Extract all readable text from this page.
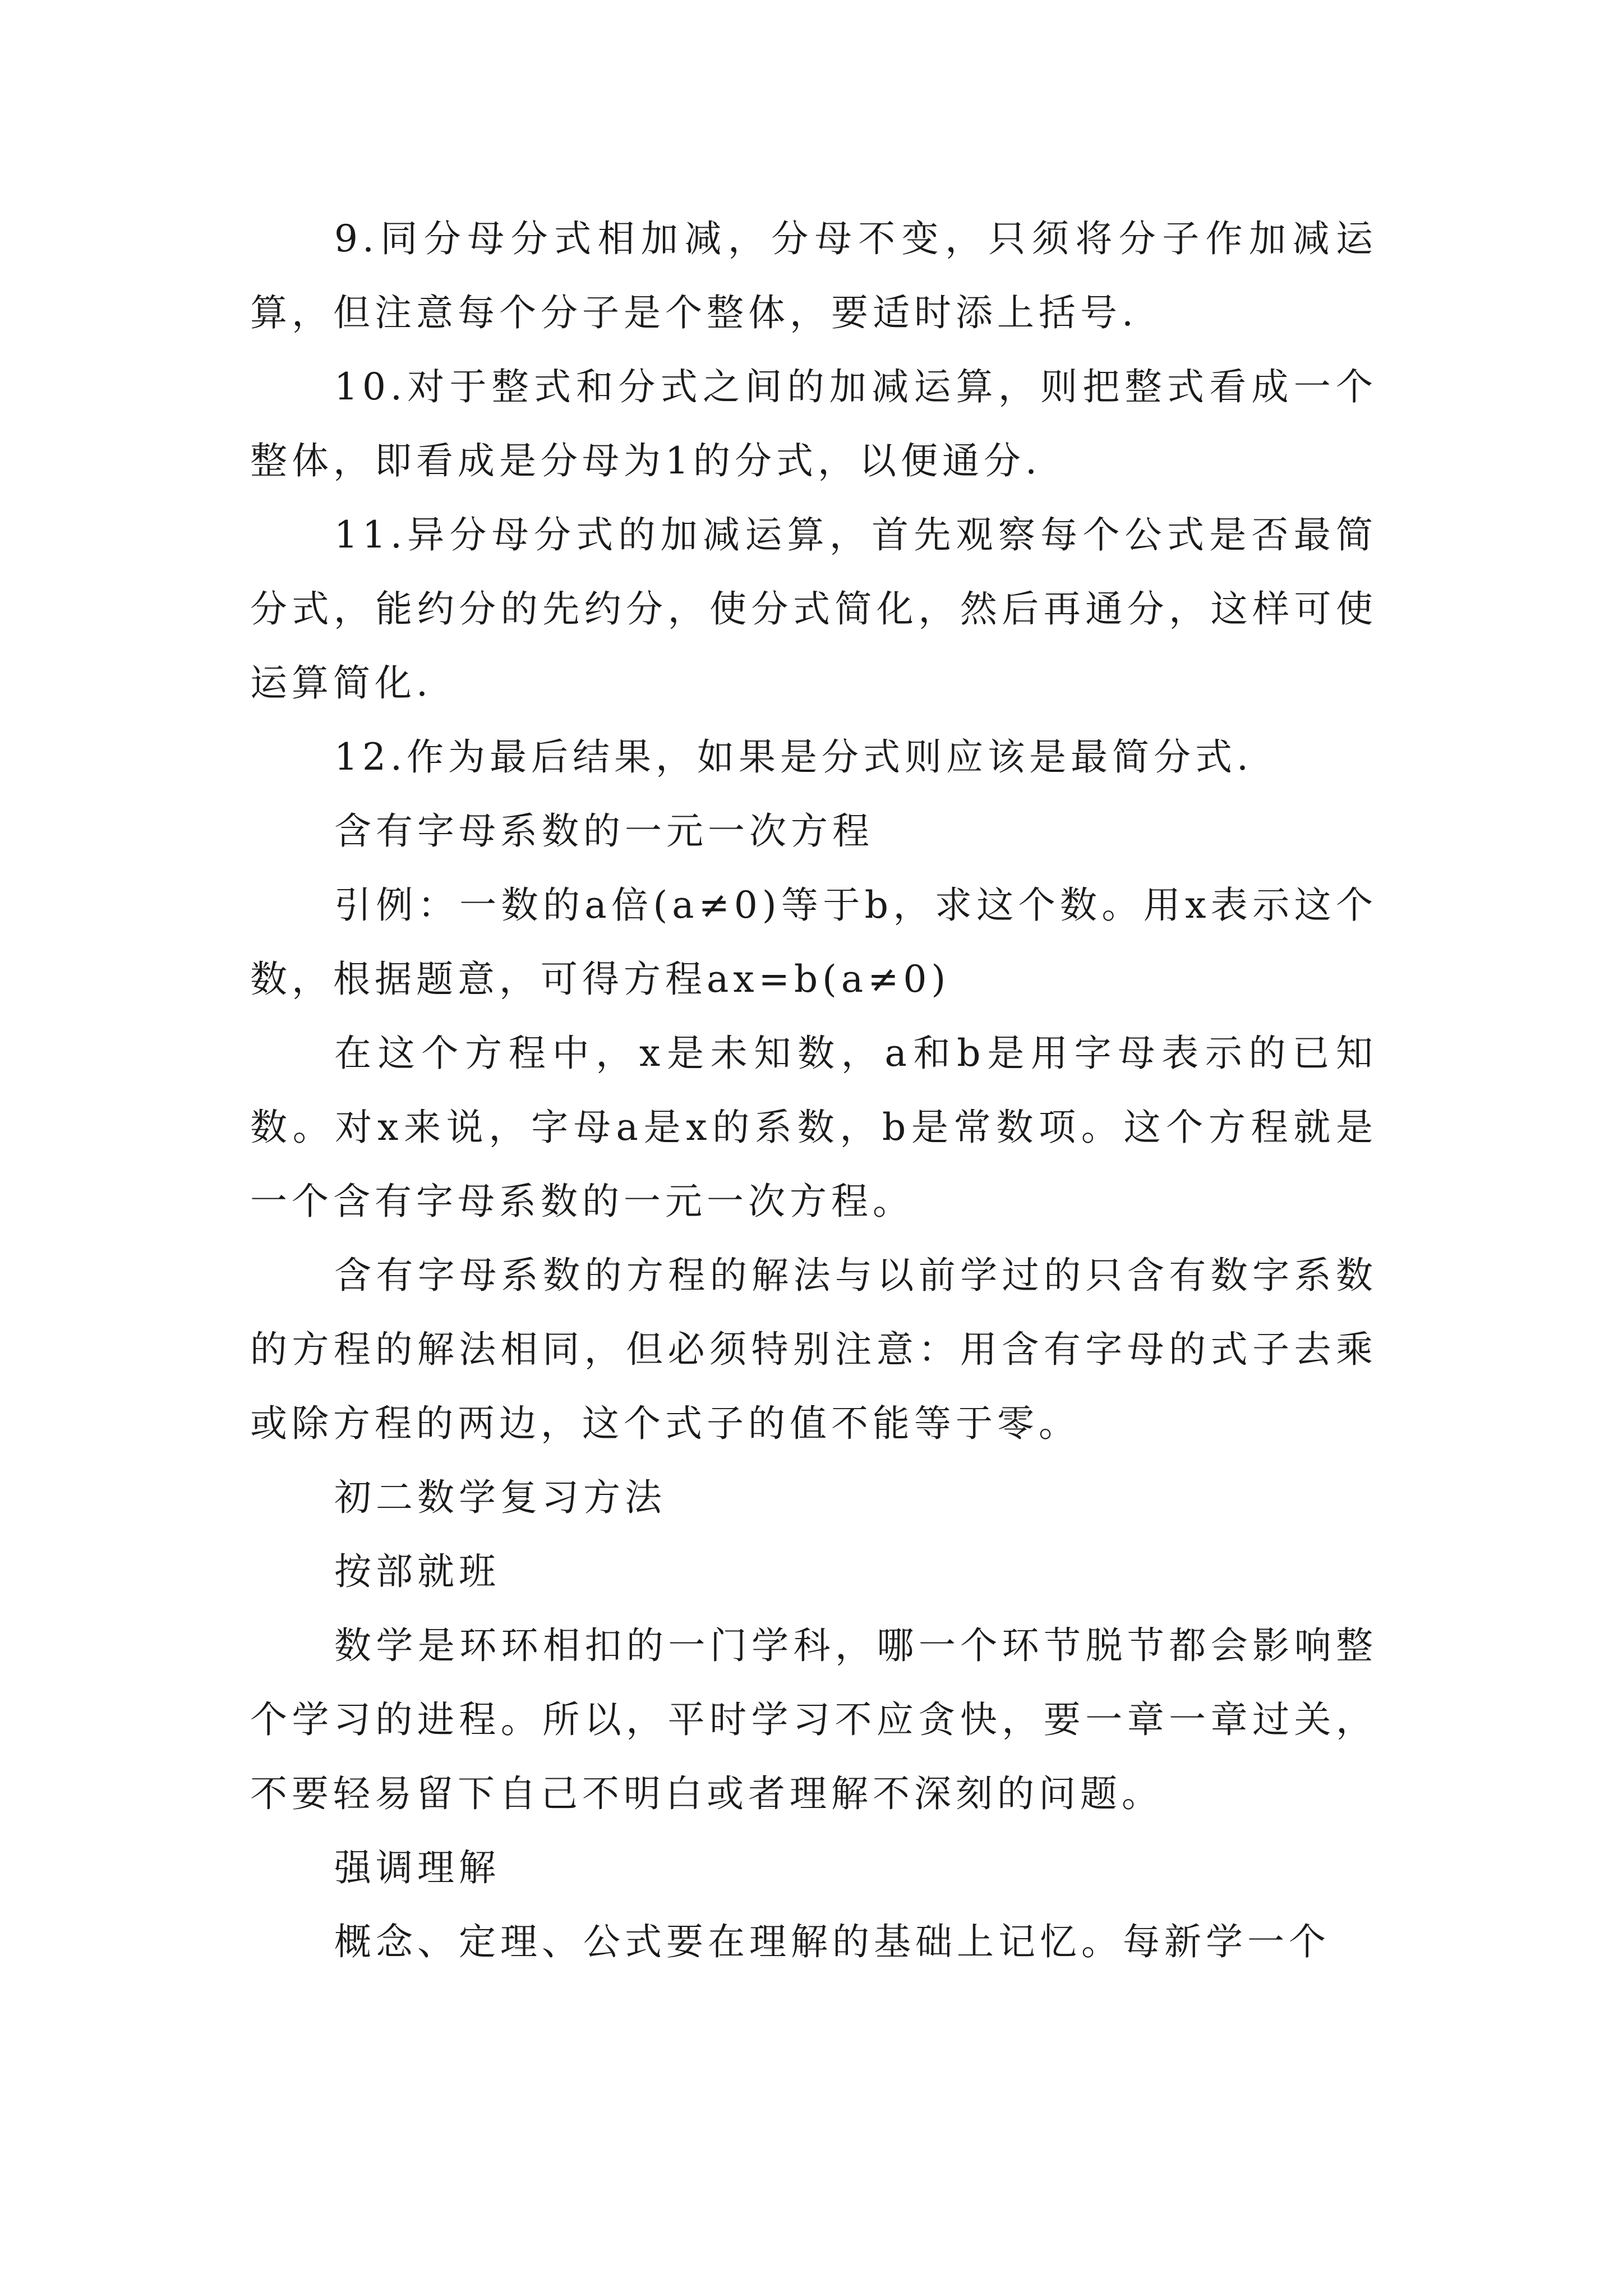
9.同分母分式相加减，分母不变，只须将分子作加减运算，但注意每个分子是个整体，要适时添上括号.

10.对于整式和分式之间的加减运算，则把整式看成一个整体，即看成是分母为1的分式，以便通分.

11.异分母分式的加减运算，首先观察每个公式是否最简分式，能约分的先约分，使分式简化，然后再通分，这样可使运算简化.

12.作为最后结果，如果是分式则应该是最简分式.

含有字母系数的一元一次方程

引例：一数的a倍(a≠0)等于b，求这个数。用x表示这个数，根据题意，可得方程ax=b(a≠0)

在这个方程中，x是未知数，a和b是用字母表示的已知数。对x来说，字母a是x的系数，b是常数项。这个方程就是一个含有字母系数的一元一次方程。

含有字母系数的方程的解法与以前学过的只含有数字系数的方程的解法相同，但必须特别注意：用含有字母的式子去乘或除方程的两边，这个式子的值不能等于零。

初二数学复习方法

按部就班

数学是环环相扣的一门学科，哪一个环节脱节都会影响整个学习的进程。所以，平时学习不应贪快，要一章一章过关，不要轻易留下自己不明白或者理解不深刻的问题。

强调理解

概念、定理、公式要在理解的基础上记忆。每新学一个
